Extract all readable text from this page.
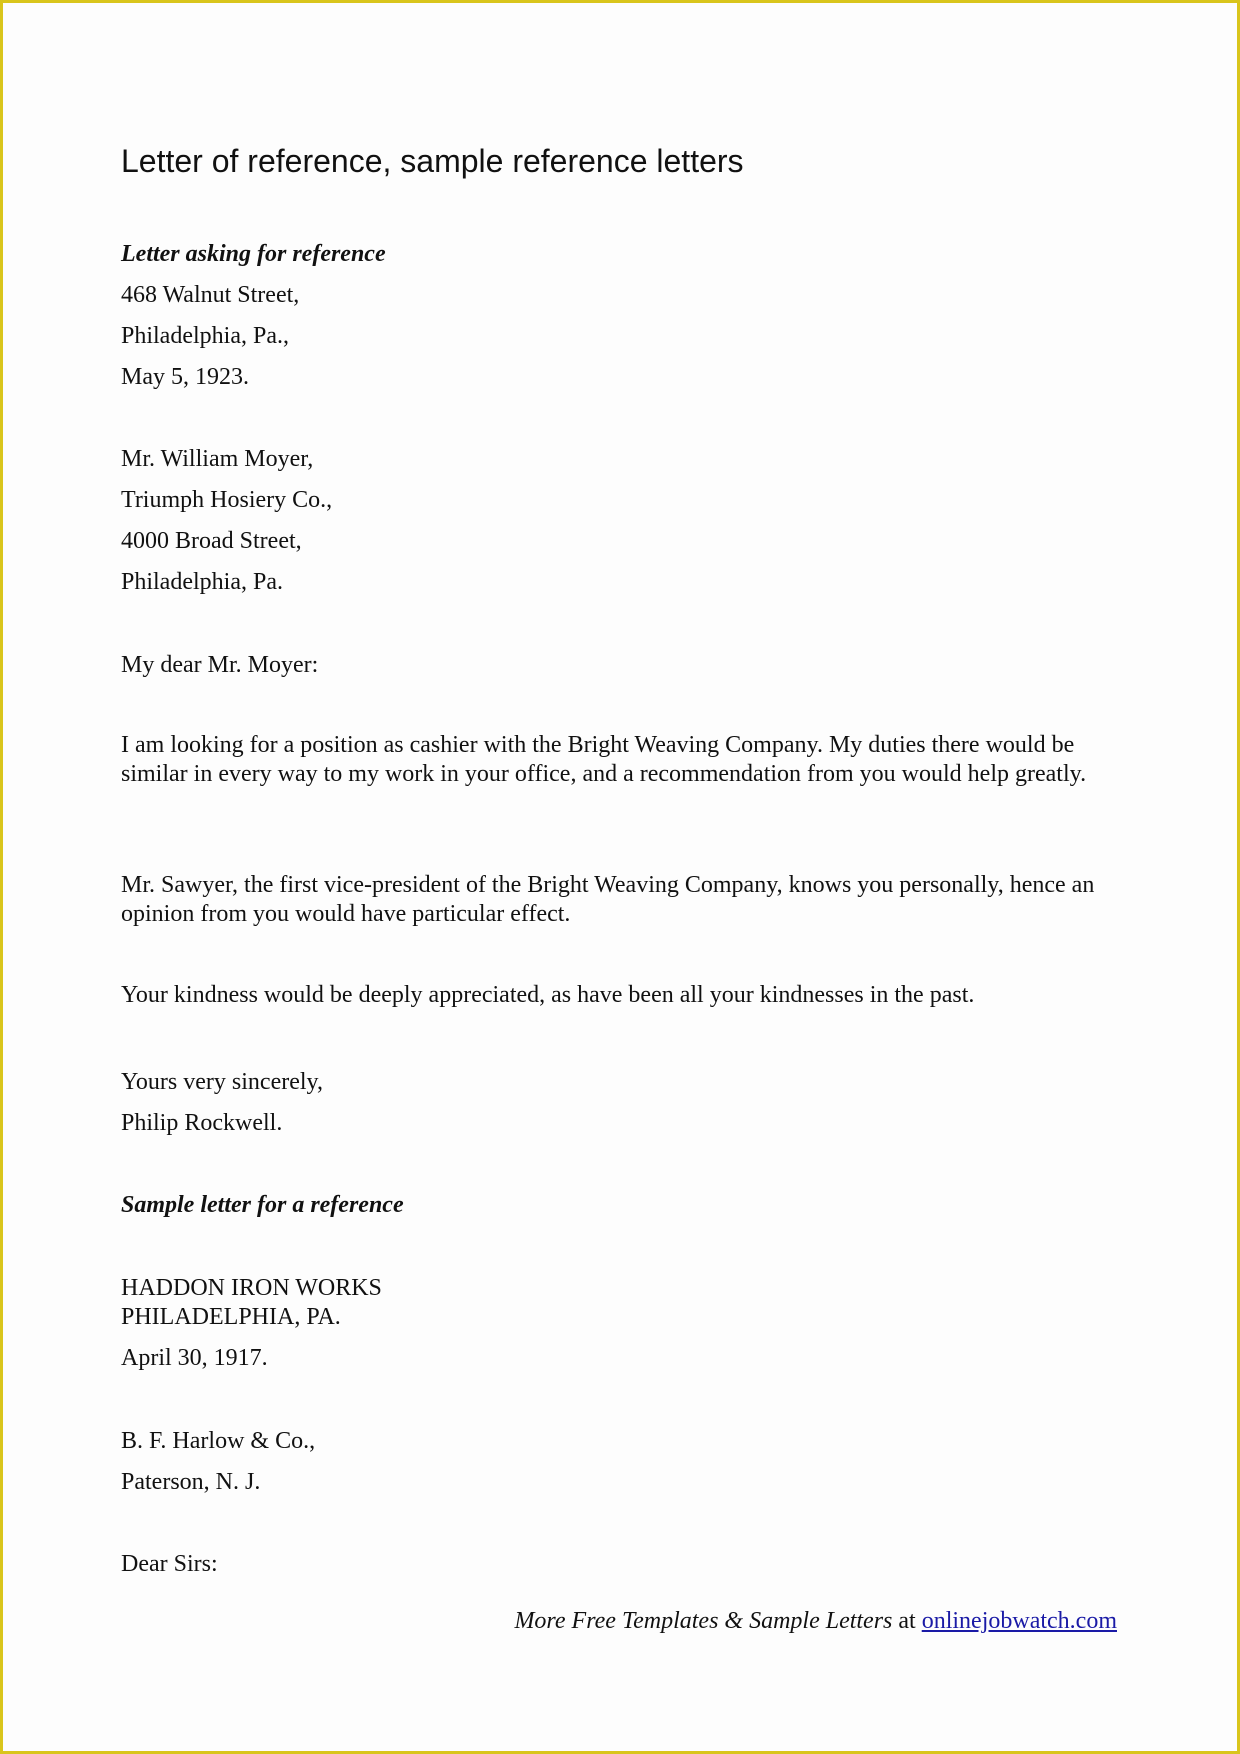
Letter of reference, sample reference letters
Letter asking for reference
468 Walnut Street,
Philadelphia, Pa.,
May 5, 1923.
Mr. William Moyer,
Triumph Hosiery Co.,
4000 Broad Street,
Philadelphia, Pa.
My dear Mr. Moyer:
I am looking for a position as cashier with the Bright Weaving Company. My duties there would be similar in every way to my work in your office, and a recommendation from you would help greatly.
Mr. Sawyer, the first vice-president of the Bright Weaving Company, knows you personally, hence an opinion from you would have particular effect.
Your kindness would be deeply appreciated, as have been all your kindnesses in the past.
Yours very sincerely,
Philip Rockwell.
Sample letter for a reference
HADDON IRON WORKS
PHILADELPHIA, PA.
April 30, 1917.
B. F. Harlow & Co.,
Paterson, N. J.
Dear Sirs:
More Free Templates & Sample Letters at onlinejobwatch.com
